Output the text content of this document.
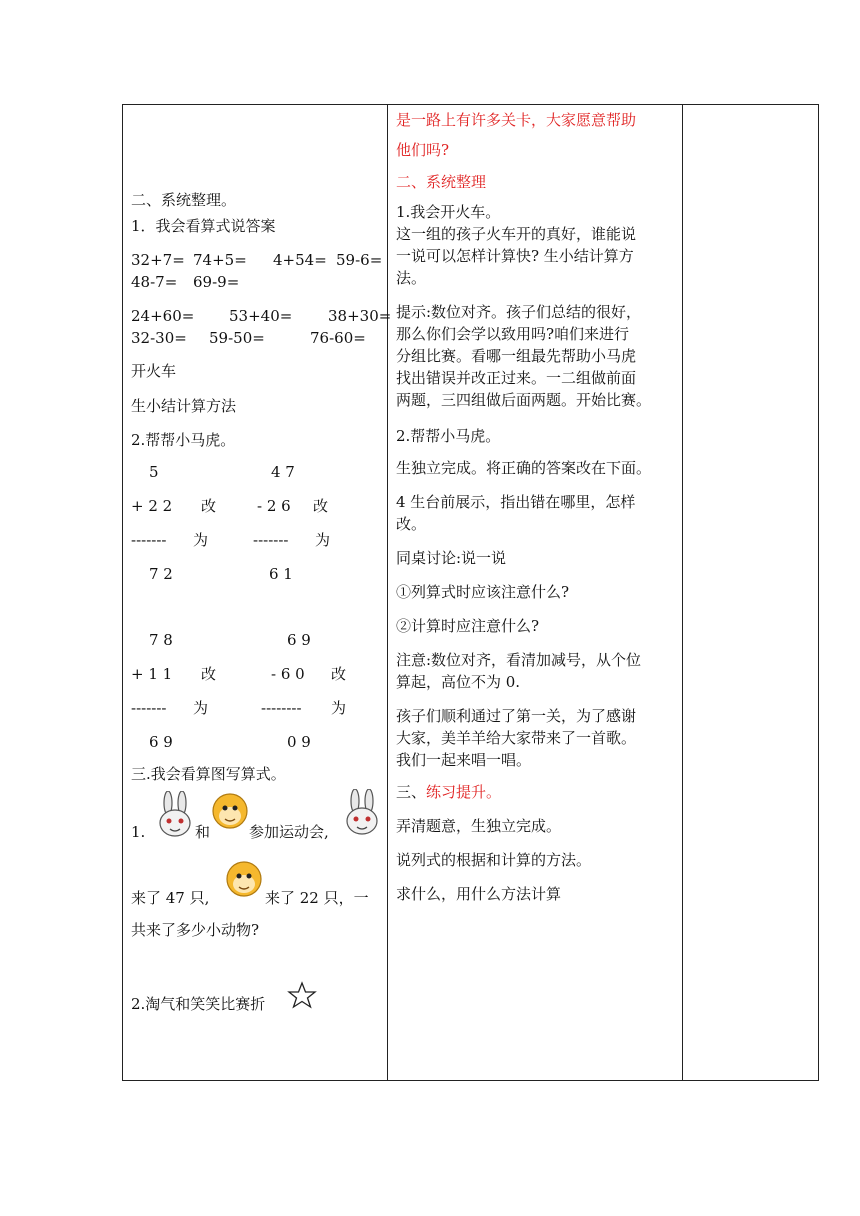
二、系统整理。
1．我会看算式说答案
32+7= 74+5= 4+54= 59-6=
48-7= 69-9=
24+60= 53+40= 38+30=
32-30= 59-50=	76-60=
开火车
生小结计算方法
2.帮帮小马虎。
5	4 7
+ 2 2 改	- 2 6 改
------- 为	------- 为
7 2	6 1
7 8	6 9
+ 1 1 改	- 6 0 改
------- 为	-------- 为
6 9	0 9
三.我会看算图写算式。
1.	和	参加运动会,
来了 47 只,	来了 22 只，一
共来了多少小动物?
2.淘气和笑笑比赛折

是一路上有许多关卡，大家愿意帮助
他们吗?
二、系统整理
1.我会开火车。
这一组的孩子火车开的真好，谁能说
一说可以怎样计算快? 生小结计算方
法。
提示:数位对齐。孩子们总结的很好，
那么你们会学以致用吗?咱们来进行
分组比赛。看哪一组最先帮助小马虎
找出错误并改正过来。一二组做前面
两题，三四组做后面两题。开始比赛。
2.帮帮小马虎。
生独立完成。将正确的答案改在下面。
4 生台前展示，指出错在哪里，怎样
改。
同桌讨论:说一说
①列算式时应该注意什么?
②计算时应注意什么?
注意:数位对齐，看清加减号，从个位
算起，高位不为 0.
孩子们顺利通过了第一关，为了感谢
大家，美羊羊给大家带来了一首歌。
我们一起来唱一唱。
三、练习提升。
弄清题意，生独立完成。
说列式的根据和计算的方法。
求什么，用什么方法计算
